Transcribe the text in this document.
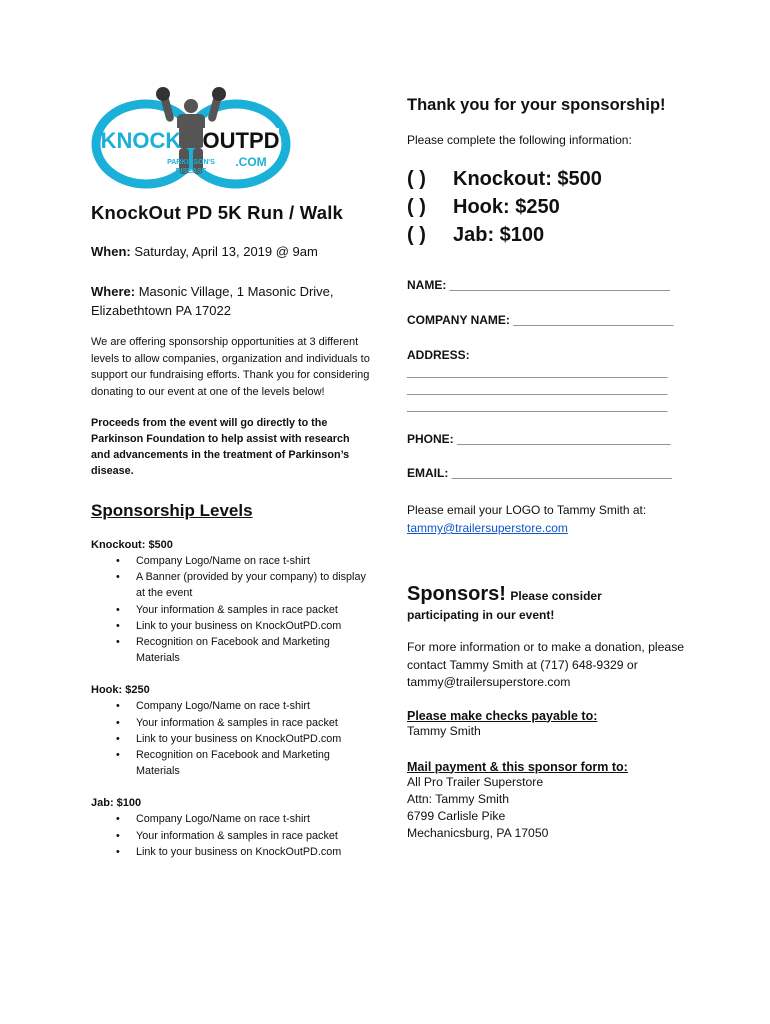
KNOCK OUTPD
PARKINSON'S
DISEASE
.COM
KnockOut PD 5K Run / Walk
When: Saturday, April 13, 2019 @ 9am
Where: Masonic Village, 1 Masonic Drive, Elizabethtown PA 17022
We are offering sponsorship opportunities at 3 different levels to allow companies, organization and individuals to support our fundraising efforts. Thank you for considering donating to our event at one of the levels below!
Proceeds from the event will go directly to the Parkinson Foundation to help assist with research and advancements in the treatment of Parkinson’s disease.
Sponsorship Levels
Knockout: $500
• Company Logo/Name on race t-shirt
• A Banner (provided by your company) to display at the event
• Your information & samples in race packet
• Link to your business on KnockOutPD.com
• Recognition on Facebook and Marketing Materials
Hook: $250
• Company Logo/Name on race t-shirt
• Your information & samples in race packet
• Link to your business on KnockOutPD.com
• Recognition on Facebook and Marketing Materials
Jab: $100
• Company Logo/Name on race t-shirt
• Your information & samples in race packet
• Link to your business on KnockOutPD.com
Thank you for your sponsorship!
Please complete the following information:
( ) Knockout: $500
( ) Hook: $250
( ) Jab: $100
NAME: _________________________________
COMPANY NAME: ________________________
ADDRESS:
_______________________________________
_______________________________________
_______________________________________
PHONE: ________________________________
EMAIL: _________________________________
Please email your LOGO to Tammy Smith at:
tammy@trailersuperstore.com
Sponsors! Please consider
participating in our event!
For more information or to make a donation, please contact Tammy Smith at (717) 648-9329 or tammy@trailersuperstore.com
Please make checks payable to:
Tammy Smith
Mail payment & this sponsor form to:
All Pro Trailer Superstore
Attn: Tammy Smith
6799 Carlisle Pike
Mechanicsburg, PA 17050
